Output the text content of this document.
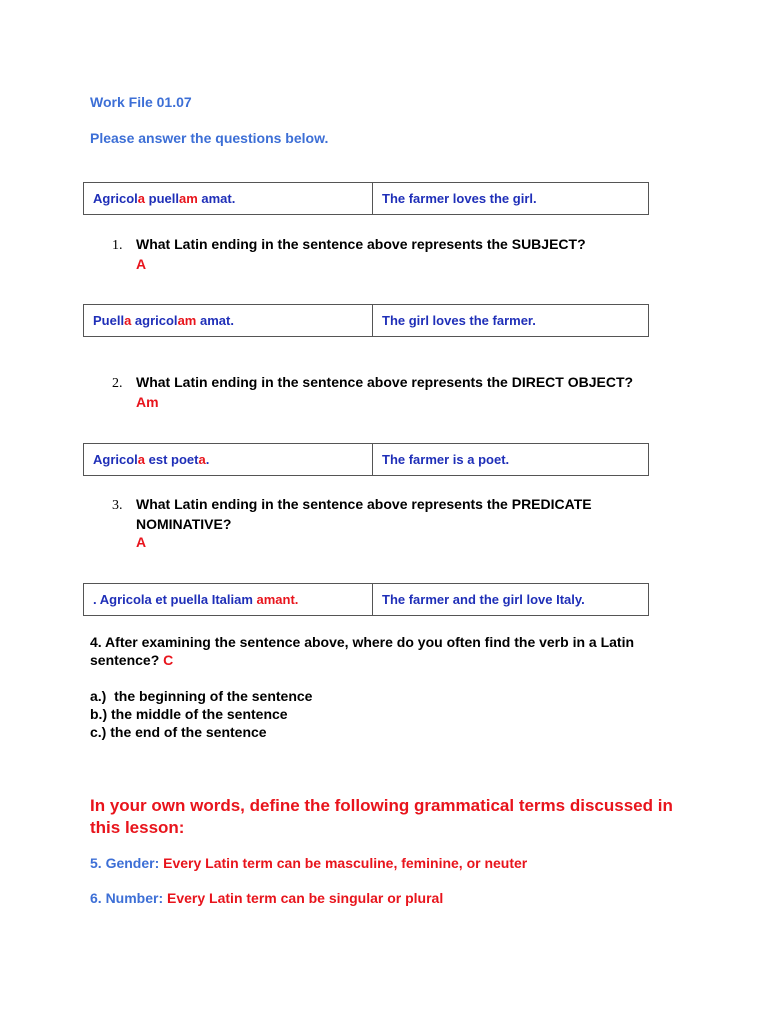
Work File 01.07
Please answer the questions below.
Agricola puellam amat.	The farmer loves the girl.
1. What Latin ending in the sentence above represents the SUBJECT?
A
Puella agricolam amat.	The girl loves the farmer.
2. What Latin ending in the sentence above represents the DIRECT OBJECT?
Am
Agricola est poeta.	The farmer is a poet.
3. What Latin ending in the sentence above represents the PREDICATE
NOMINATIVE?
A
. Agricola et puella Italiam amant.	The farmer and the girl love Italy.
4. After examining the sentence above, where do you often find the verb in a Latin
sentence? C
a.)  the beginning of the sentence
b.) the middle of the sentence
c.) the end of the sentence
In your own words, define the following grammatical terms discussed in this lesson:
5. Gender: Every Latin term can be masculine, feminine, or neuter
6. Number: Every Latin term can be singular or plural
